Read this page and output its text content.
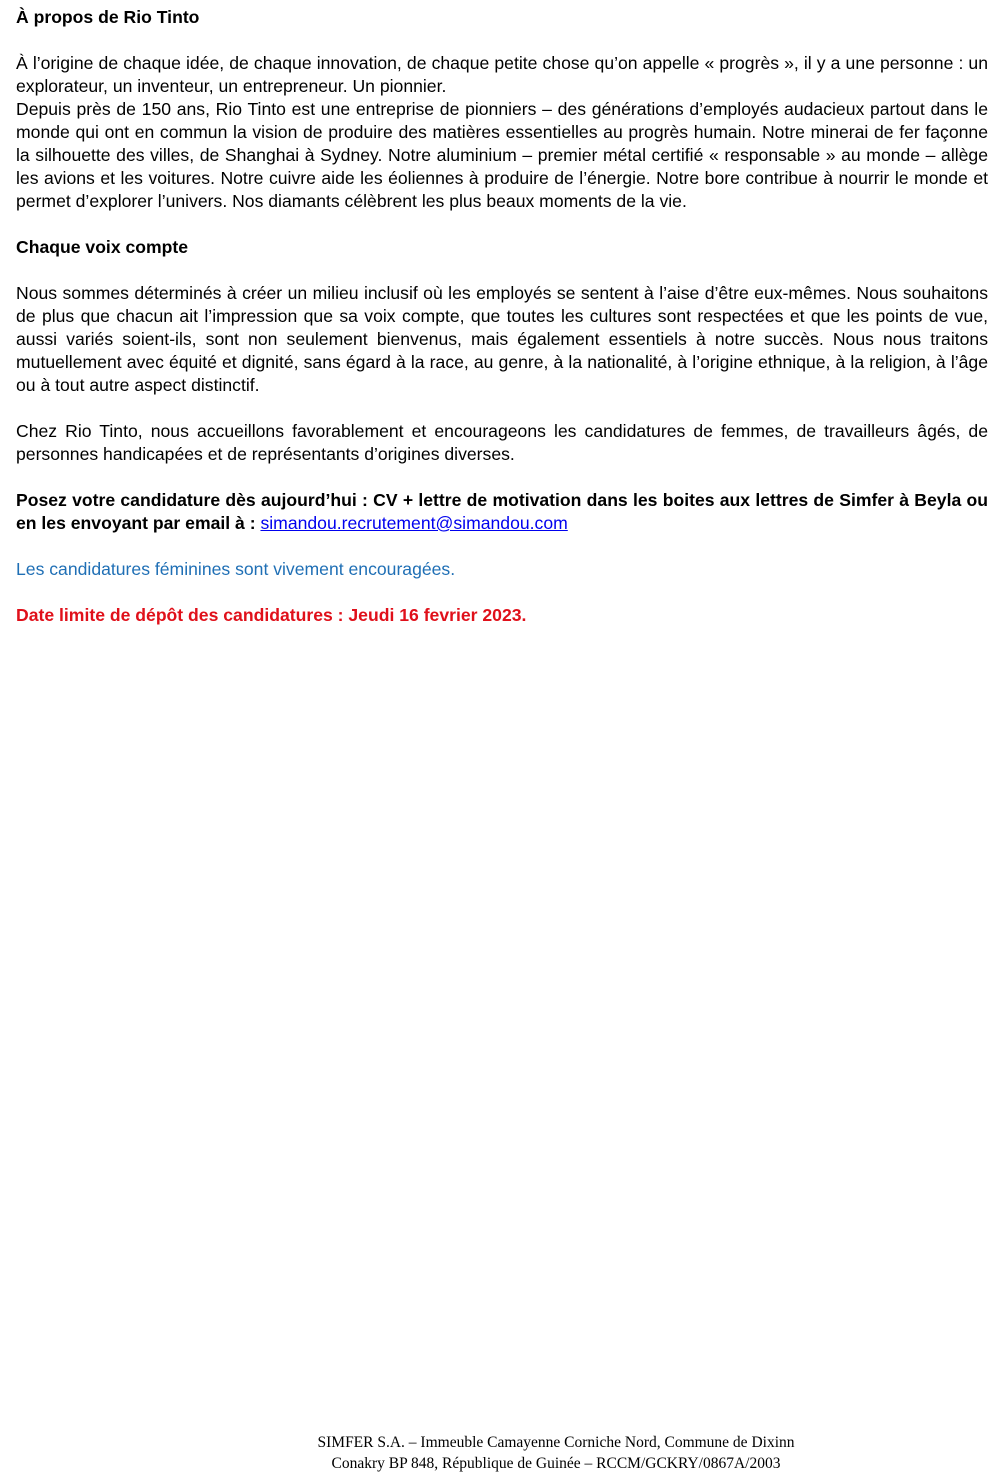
À propos de Rio Tinto

À l’origine de chaque idée, de chaque innovation, de chaque petite chose qu’on appelle « progrès », il y a une personne : un explorateur, un inventeur, un entrepreneur. Un pionnier.

Depuis près de 150 ans, Rio Tinto est une entreprise de pionniers – des générations d’employés audacieux partout dans le monde qui ont en commun la vision de produire des matières essentielles au progrès humain. Notre minerai de fer façonne la silhouette des villes, de Shanghai à Sydney. Notre aluminium – premier métal certifié « responsable » au monde – allège les avions et les voitures. Notre cuivre aide les éoliennes à produire de l’énergie. Notre bore contribue à nourrir le monde et permet d’explorer l’univers. Nos diamants célèbrent les plus beaux moments de la vie.

Chaque voix compte

Nous sommes déterminés à créer un milieu inclusif où les employés se sentent à l’aise d’être eux-mêmes. Nous souhaitons de plus que chacun ait l’impression que sa voix compte, que toutes les cultures sont respectées et que les points de vue, aussi variés soient-ils, sont non seulement bienvenus, mais également essentiels à notre succès. Nous nous traitons mutuellement avec équité et dignité, sans égard à la race, au genre, à la nationalité, à l’origine ethnique, à la religion, à l’âge ou à tout autre aspect distinctif.

Chez Rio Tinto, nous accueillons favorablement et encourageons les candidatures de femmes, de travailleurs âgés, de personnes handicapées et de représentants d’origines diverses.

Posez votre candidature dès aujourd’hui : CV + lettre de motivation dans les boites aux lettres de Simfer à Beyla ou en les envoyant par email à : simandou.recrutement@simandou.com

Les candidatures féminines sont vivement encouragées.

Date limite de dépôt des candidatures : Jeudi 16 fevrier 2023.

SIMFER S.A. – Immeuble Camayenne Corniche Nord, Commune de Dixinn
Conakry BP 848, République de Guinée – RCCM/GCKRY/0867A/2003
